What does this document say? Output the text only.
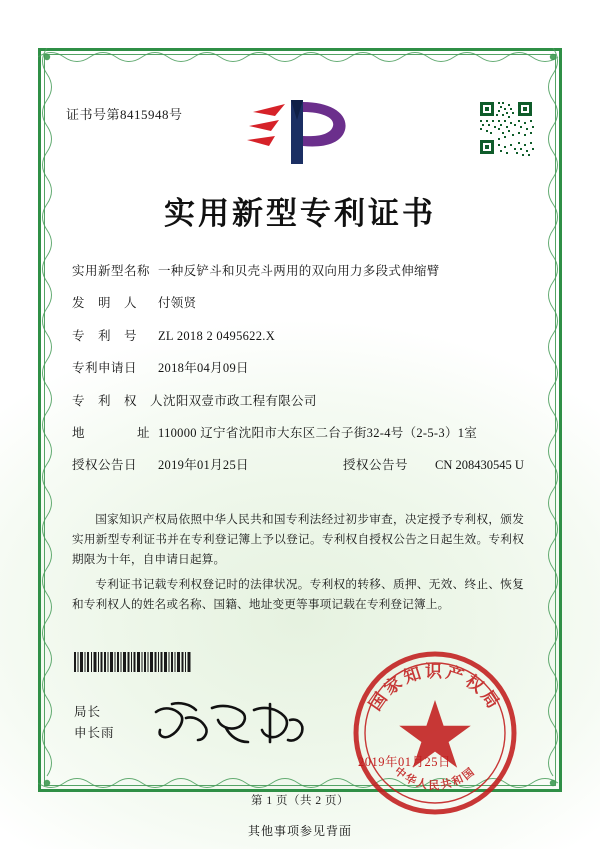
证书号第8415948号
实用新型专利证书
实用新型名称 一种反铲斗和贝壳斗两用的双向用力多段式伸缩臂
发　明　人	付领贤
专　利　号	ZL 2018 2 0495622.X
专利申请日	2018年04月09日
专　利　权　人 沈阳双壹市政工程有限公司
地　　　　址 110000 辽宁省沈阳市大东区二台子街32-4号（2-5-3）1室
授权公告日	2019年01月25日	授权公告号	CN 208430545 U

国家知识产权局依照中华人民共和国专利法经过初步审查，决定授予专利权，颁发实用新型专利证书并在专利登记簿上予以登记。专利权自授权公告之日起生效。专利权期限为十年，自申请日起算。

专利证书记载专利权登记时的法律状况。专利权的转移、质押、无效、终止、恢复和专利权人的姓名或名称、国籍、地址变更等事项记载在专利登记簿上。

局长
申长雨
国家知识产权局
中华人民共和国
2019年01月25日
第 1 页（共 2 页）
其他事项参见背面
